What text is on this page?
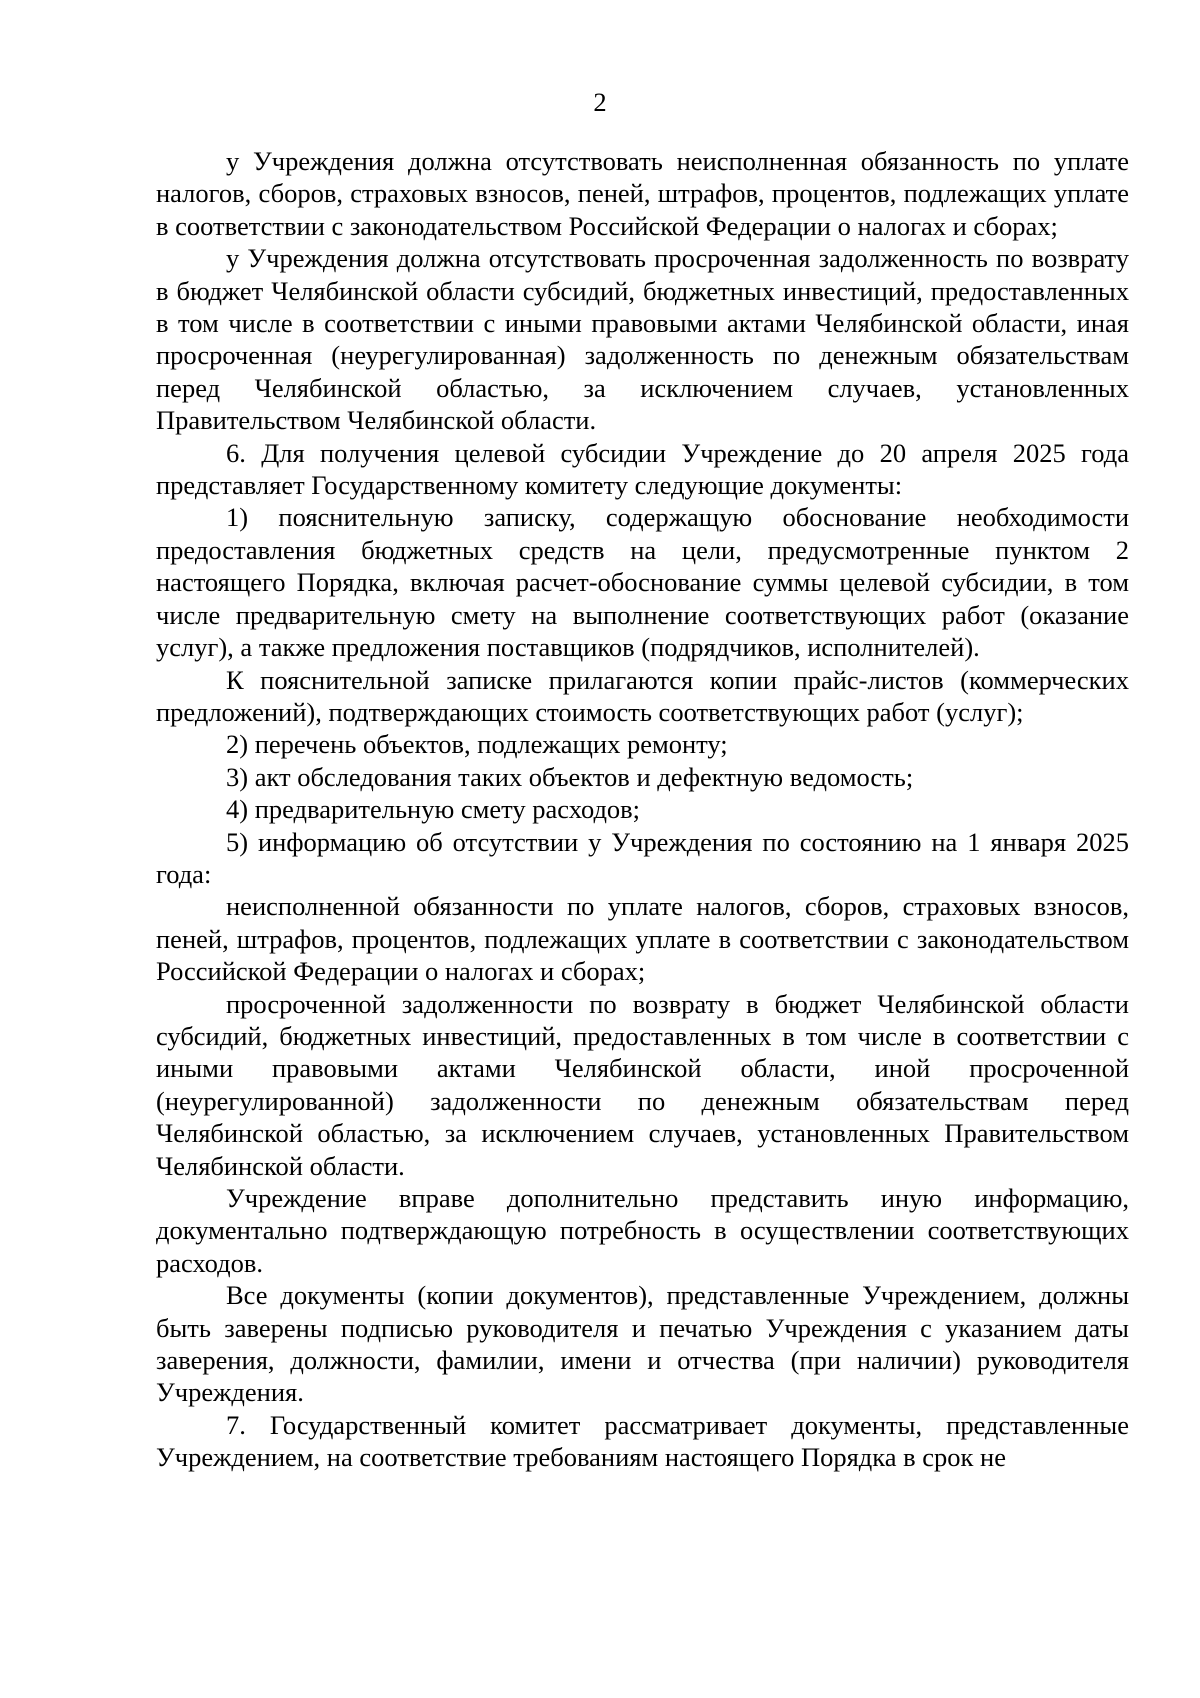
2

у Учреждения должна отсутствовать неисполненная обязанность по уплате налогов, сборов, страховых взносов, пеней, штрафов, процентов, подлежащих уплате в соответствии с законодательством Российской Федерации о налогах и сборах;

у Учреждения должна отсутствовать просроченная задолженность по возврату в бюджет Челябинской области субсидий, бюджетных инвестиций, предоставленных в том числе в соответствии с иными правовыми актами Челябинской области, иная просроченная (неурегулированная) задолженность по денежным обязательствам перед Челябинской областью, за исключением случаев, установленных Правительством Челябинской области.

6. Для получения целевой субсидии Учреждение до 20 апреля 2025 года представляет Государственному комитету следующие документы:

1) пояснительную записку, содержащую обоснование необходимости предоставления бюджетных средств на цели, предусмотренные пунктом 2 настоящего Порядка, включая расчет-обоснование суммы целевой субсидии, в том числе предварительную смету на выполнение соответствующих работ (оказание услуг), а также предложения поставщиков (подрядчиков, исполнителей).

К пояснительной записке прилагаются копии прайс-листов (коммерческих предложений), подтверждающих стоимость соответствующих работ (услуг);

2) перечень объектов, подлежащих ремонту;

3) акт обследования таких объектов и дефектную ведомость;

4) предварительную смету расходов;

5) информацию об отсутствии у Учреждения по состоянию на 1 января 2025 года:

неисполненной обязанности по уплате налогов, сборов, страховых взносов, пеней, штрафов, процентов, подлежащих уплате в соответствии с законодательством Российской Федерации о налогах и сборах;

просроченной задолженности по возврату в бюджет Челябинской области субсидий, бюджетных инвестиций, предоставленных в том числе в соответствии с иными правовыми актами Челябинской области, иной просроченной (неурегулированной) задолженности по денежным обязательствам перед Челябинской областью, за исключением случаев, установленных Правительством Челябинской области.

Учреждение вправе дополнительно представить иную информацию, документально подтверждающую потребность в осуществлении соответствующих расходов.

Все документы (копии документов), представленные Учреждением, должны быть заверены подписью руководителя и печатью Учреждения с указанием даты заверения, должности, фамилии, имени и отчества (при наличии) руководителя Учреждения.

7. Государственный комитет рассматривает документы, представленные Учреждением, на соответствие требованиям настоящего Порядка в срок не
